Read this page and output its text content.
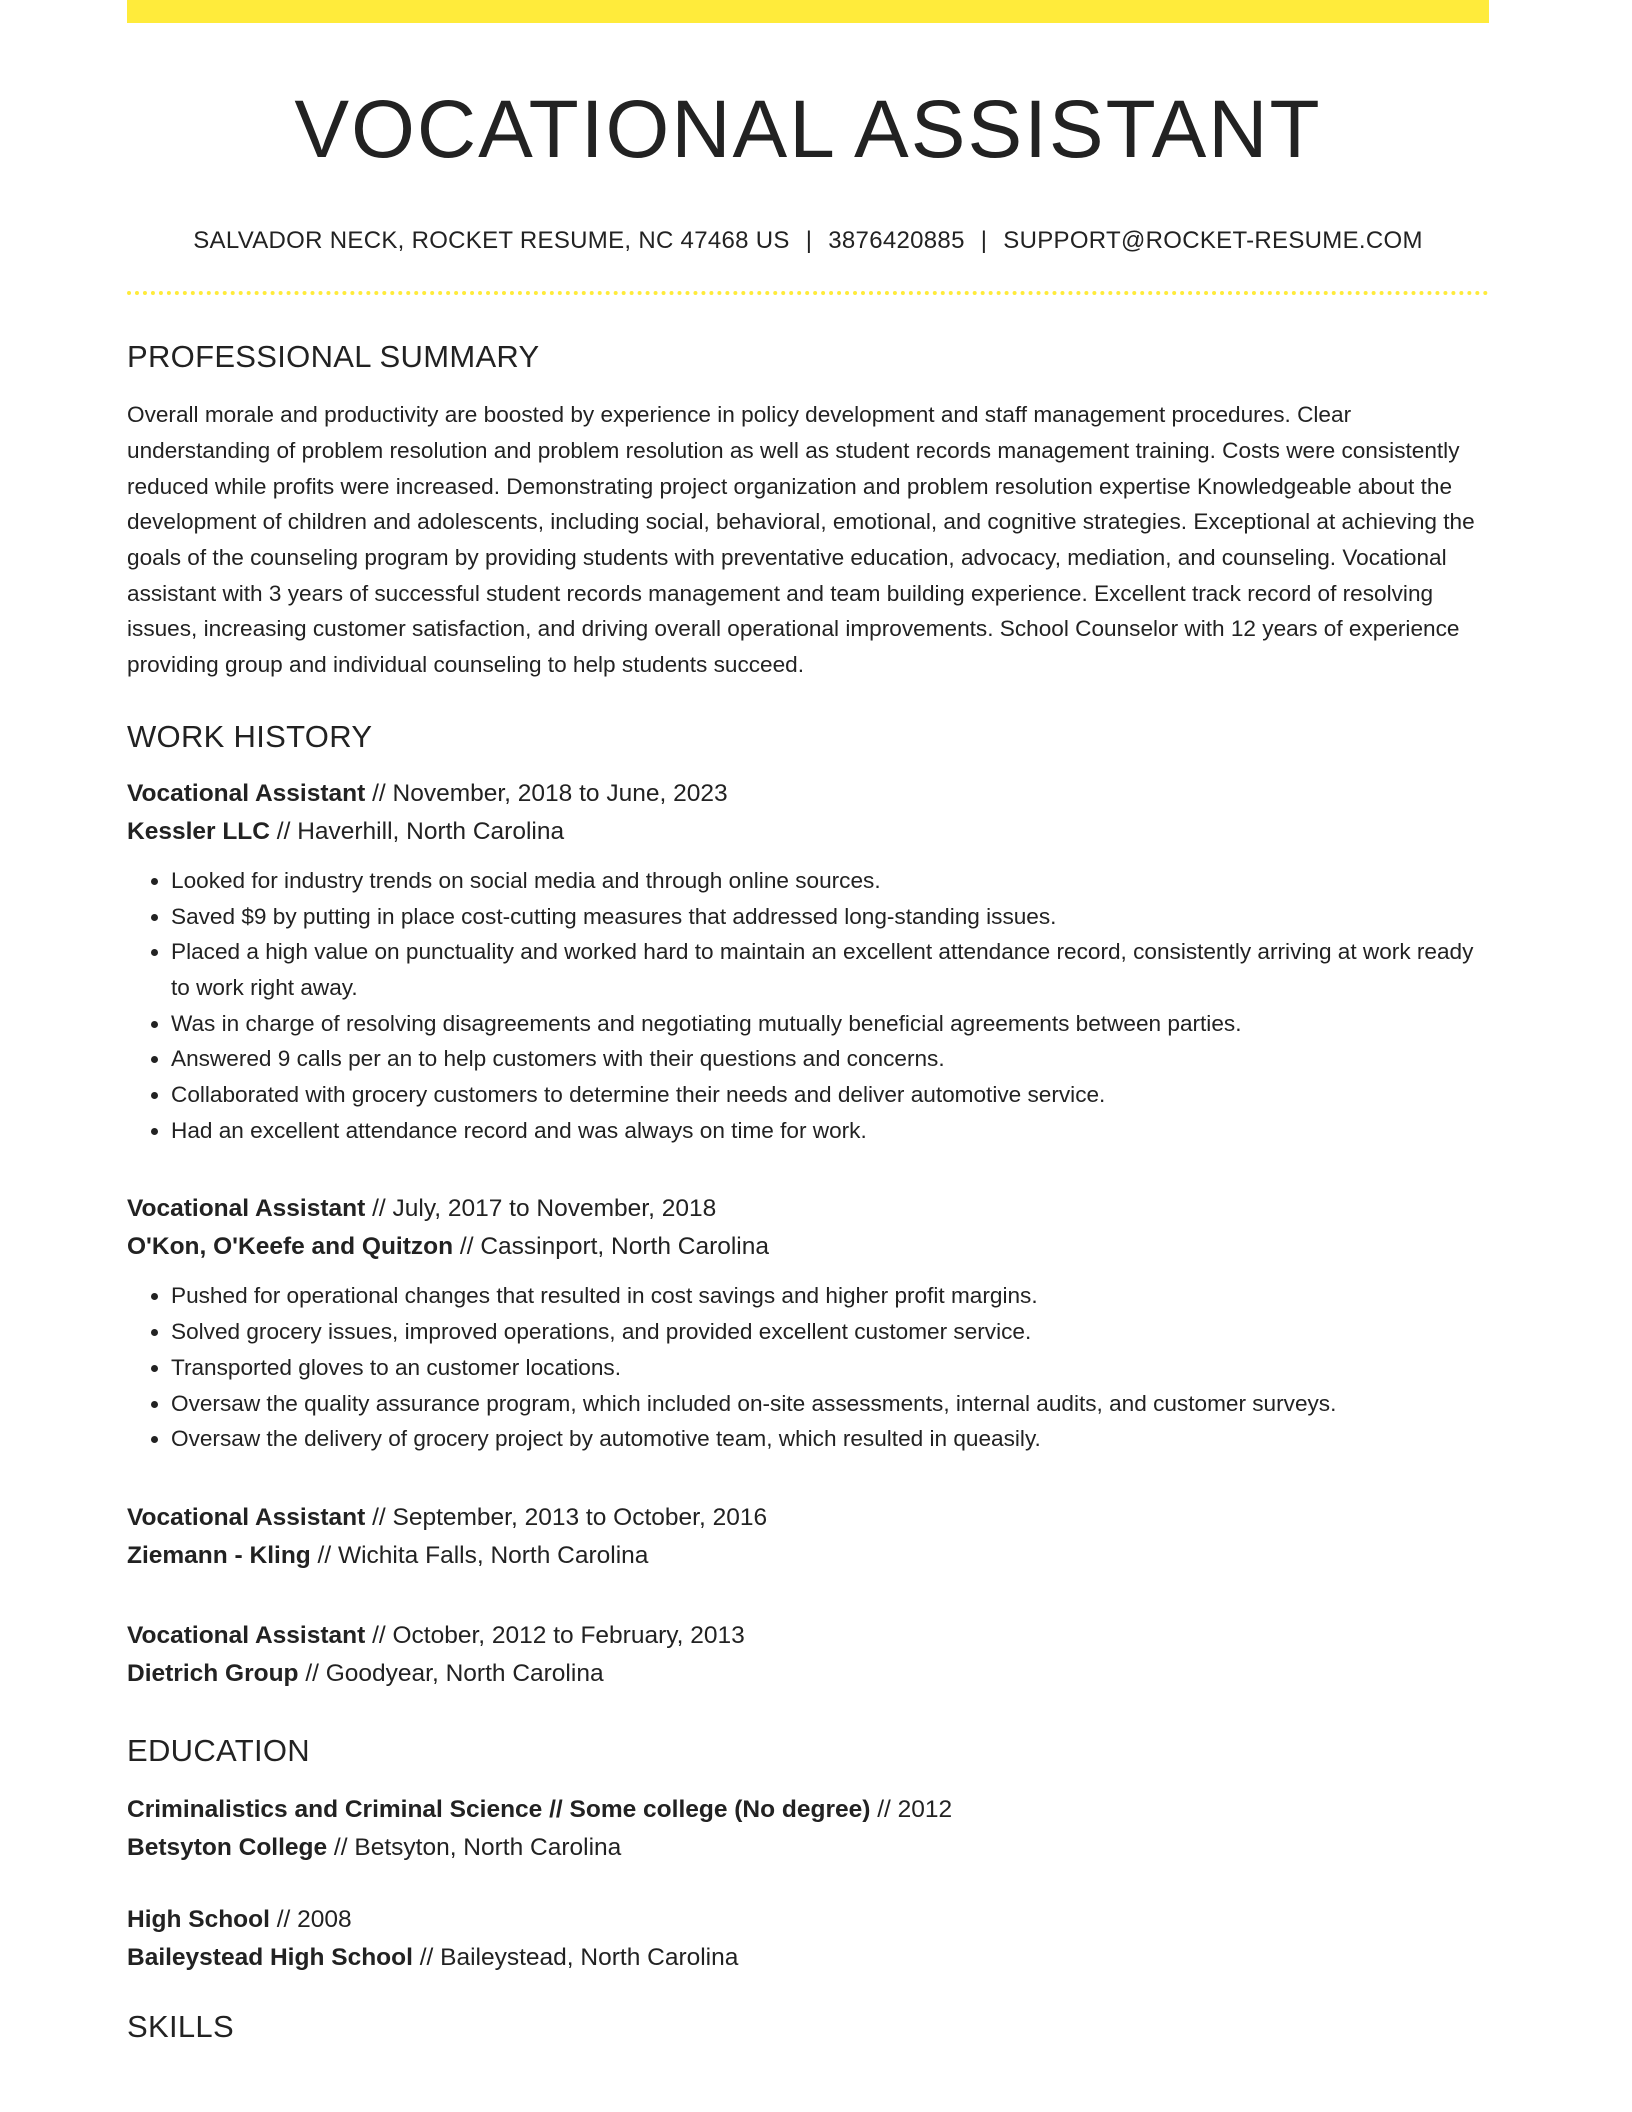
VOCATIONAL ASSISTANT
SALVADOR NECK, ROCKET RESUME, NC 47468 US | 3876420885 | SUPPORT@ROCKET-RESUME.COM
PROFESSIONAL SUMMARY
Overall morale and productivity are boosted by experience in policy development and staff management procedures. Clear understanding of problem resolution and problem resolution as well as student records management training. Costs were consistently reduced while profits were increased. Demonstrating project organization and problem resolution expertise Knowledgeable about the development of children and adolescents, including social, behavioral, emotional, and cognitive strategies. Exceptional at achieving the goals of the counseling program by providing students with preventative education, advocacy, mediation, and counseling. Vocational assistant with 3 years of successful student records management and team building experience. Excellent track record of resolving issues, increasing customer satisfaction, and driving overall operational improvements. School Counselor with 12 years of experience providing group and individual counseling to help students succeed.
WORK HISTORY
Vocational Assistant // November, 2018 to June, 2023
Kessler LLC // Haverhill, North Carolina
• Looked for industry trends on social media and through online sources.
• Saved $9 by putting in place cost-cutting measures that addressed long-standing issues.
• Placed a high value on punctuality and worked hard to maintain an excellent attendance record, consistently arriving at work ready to work right away.
• Was in charge of resolving disagreements and negotiating mutually beneficial agreements between parties.
• Answered 9 calls per an to help customers with their questions and concerns.
• Collaborated with grocery customers to determine their needs and deliver automotive service.
• Had an excellent attendance record and was always on time for work.
Vocational Assistant // July, 2017 to November, 2018
O'Kon, O'Keefe and Quitzon // Cassinport, North Carolina
• Pushed for operational changes that resulted in cost savings and higher profit margins.
• Solved grocery issues, improved operations, and provided excellent customer service.
• Transported gloves to an customer locations.
• Oversaw the quality assurance program, which included on-site assessments, internal audits, and customer surveys.
• Oversaw the delivery of grocery project by automotive team, which resulted in queasily.
Vocational Assistant // September, 2013 to October, 2016
Ziemann - Kling // Wichita Falls, North Carolina
Vocational Assistant // October, 2012 to February, 2013
Dietrich Group // Goodyear, North Carolina
EDUCATION
Criminalistics and Criminal Science // Some college (No degree) // 2012
Betsyton College // Betsyton, North Carolina
High School // 2008
Baileystead High School // Baileystead, North Carolina
SKILLS
